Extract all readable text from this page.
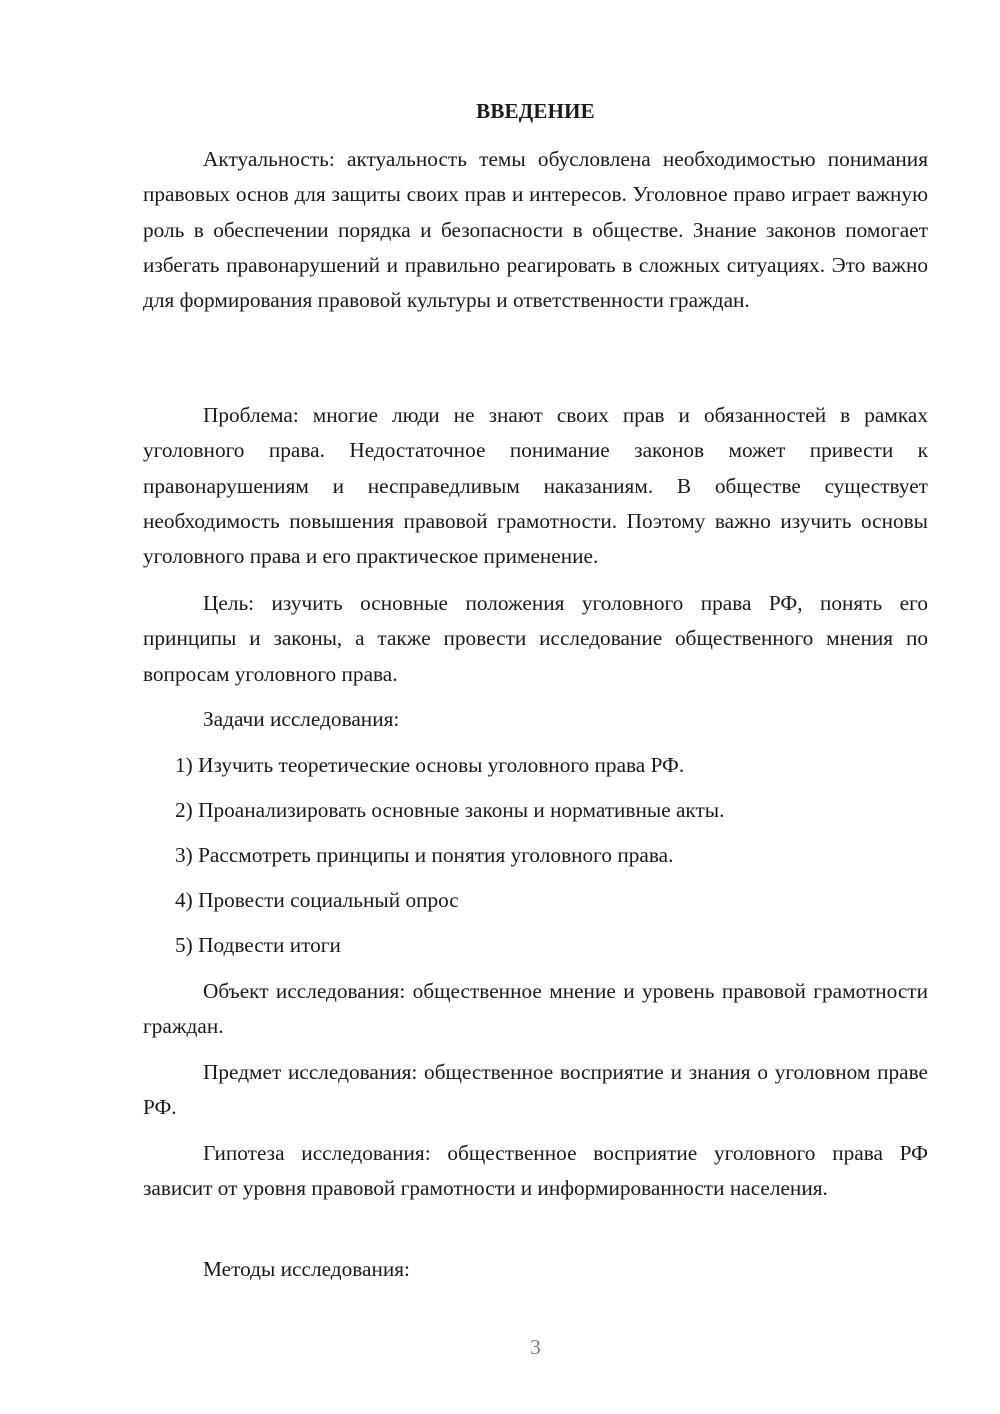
ВВЕДЕНИЕ

Актуальность: актуальность темы обусловлена необходимостью понимания правовых основ для защиты своих прав и интересов. Уголовное право играет важную роль в обеспечении порядка и безопасности в обществе. Знание законов помогает избегать правонарушений и правильно реагировать в сложных ситуациях. Это важно для формирования правовой культуры и ответственности граждан.

Проблема: многие люди не знают своих прав и обязанностей в рамках уголовного права. Недостаточное понимание законов может привести к правонарушениям и несправедливым наказаниям. В обществе существует необходимость повышения правовой грамотности. Поэтому важно изучить основы уголовного права и его практическое применение.

Цель: изучить основные положения уголовного права РФ, понять его принципы и законы, а также провести исследование общественного мнения по вопросам уголовного права.

Задачи исследования:

1) Изучить теоретические основы уголовного права РФ.

2) Проанализировать основные законы и нормативные акты.

3) Рассмотреть принципы и понятия уголовного права.

4) Провести социальный опрос

5) Подвести итоги

Объект исследования: общественное мнение и уровень правовой грамотности граждан.

Предмет исследования: общественное восприятие и знания о уголовном праве РФ.

Гипотеза исследования: общественное восприятие уголовного права РФ зависит от уровня правовой грамотности и информированности населения.

Методы исследования:

3
